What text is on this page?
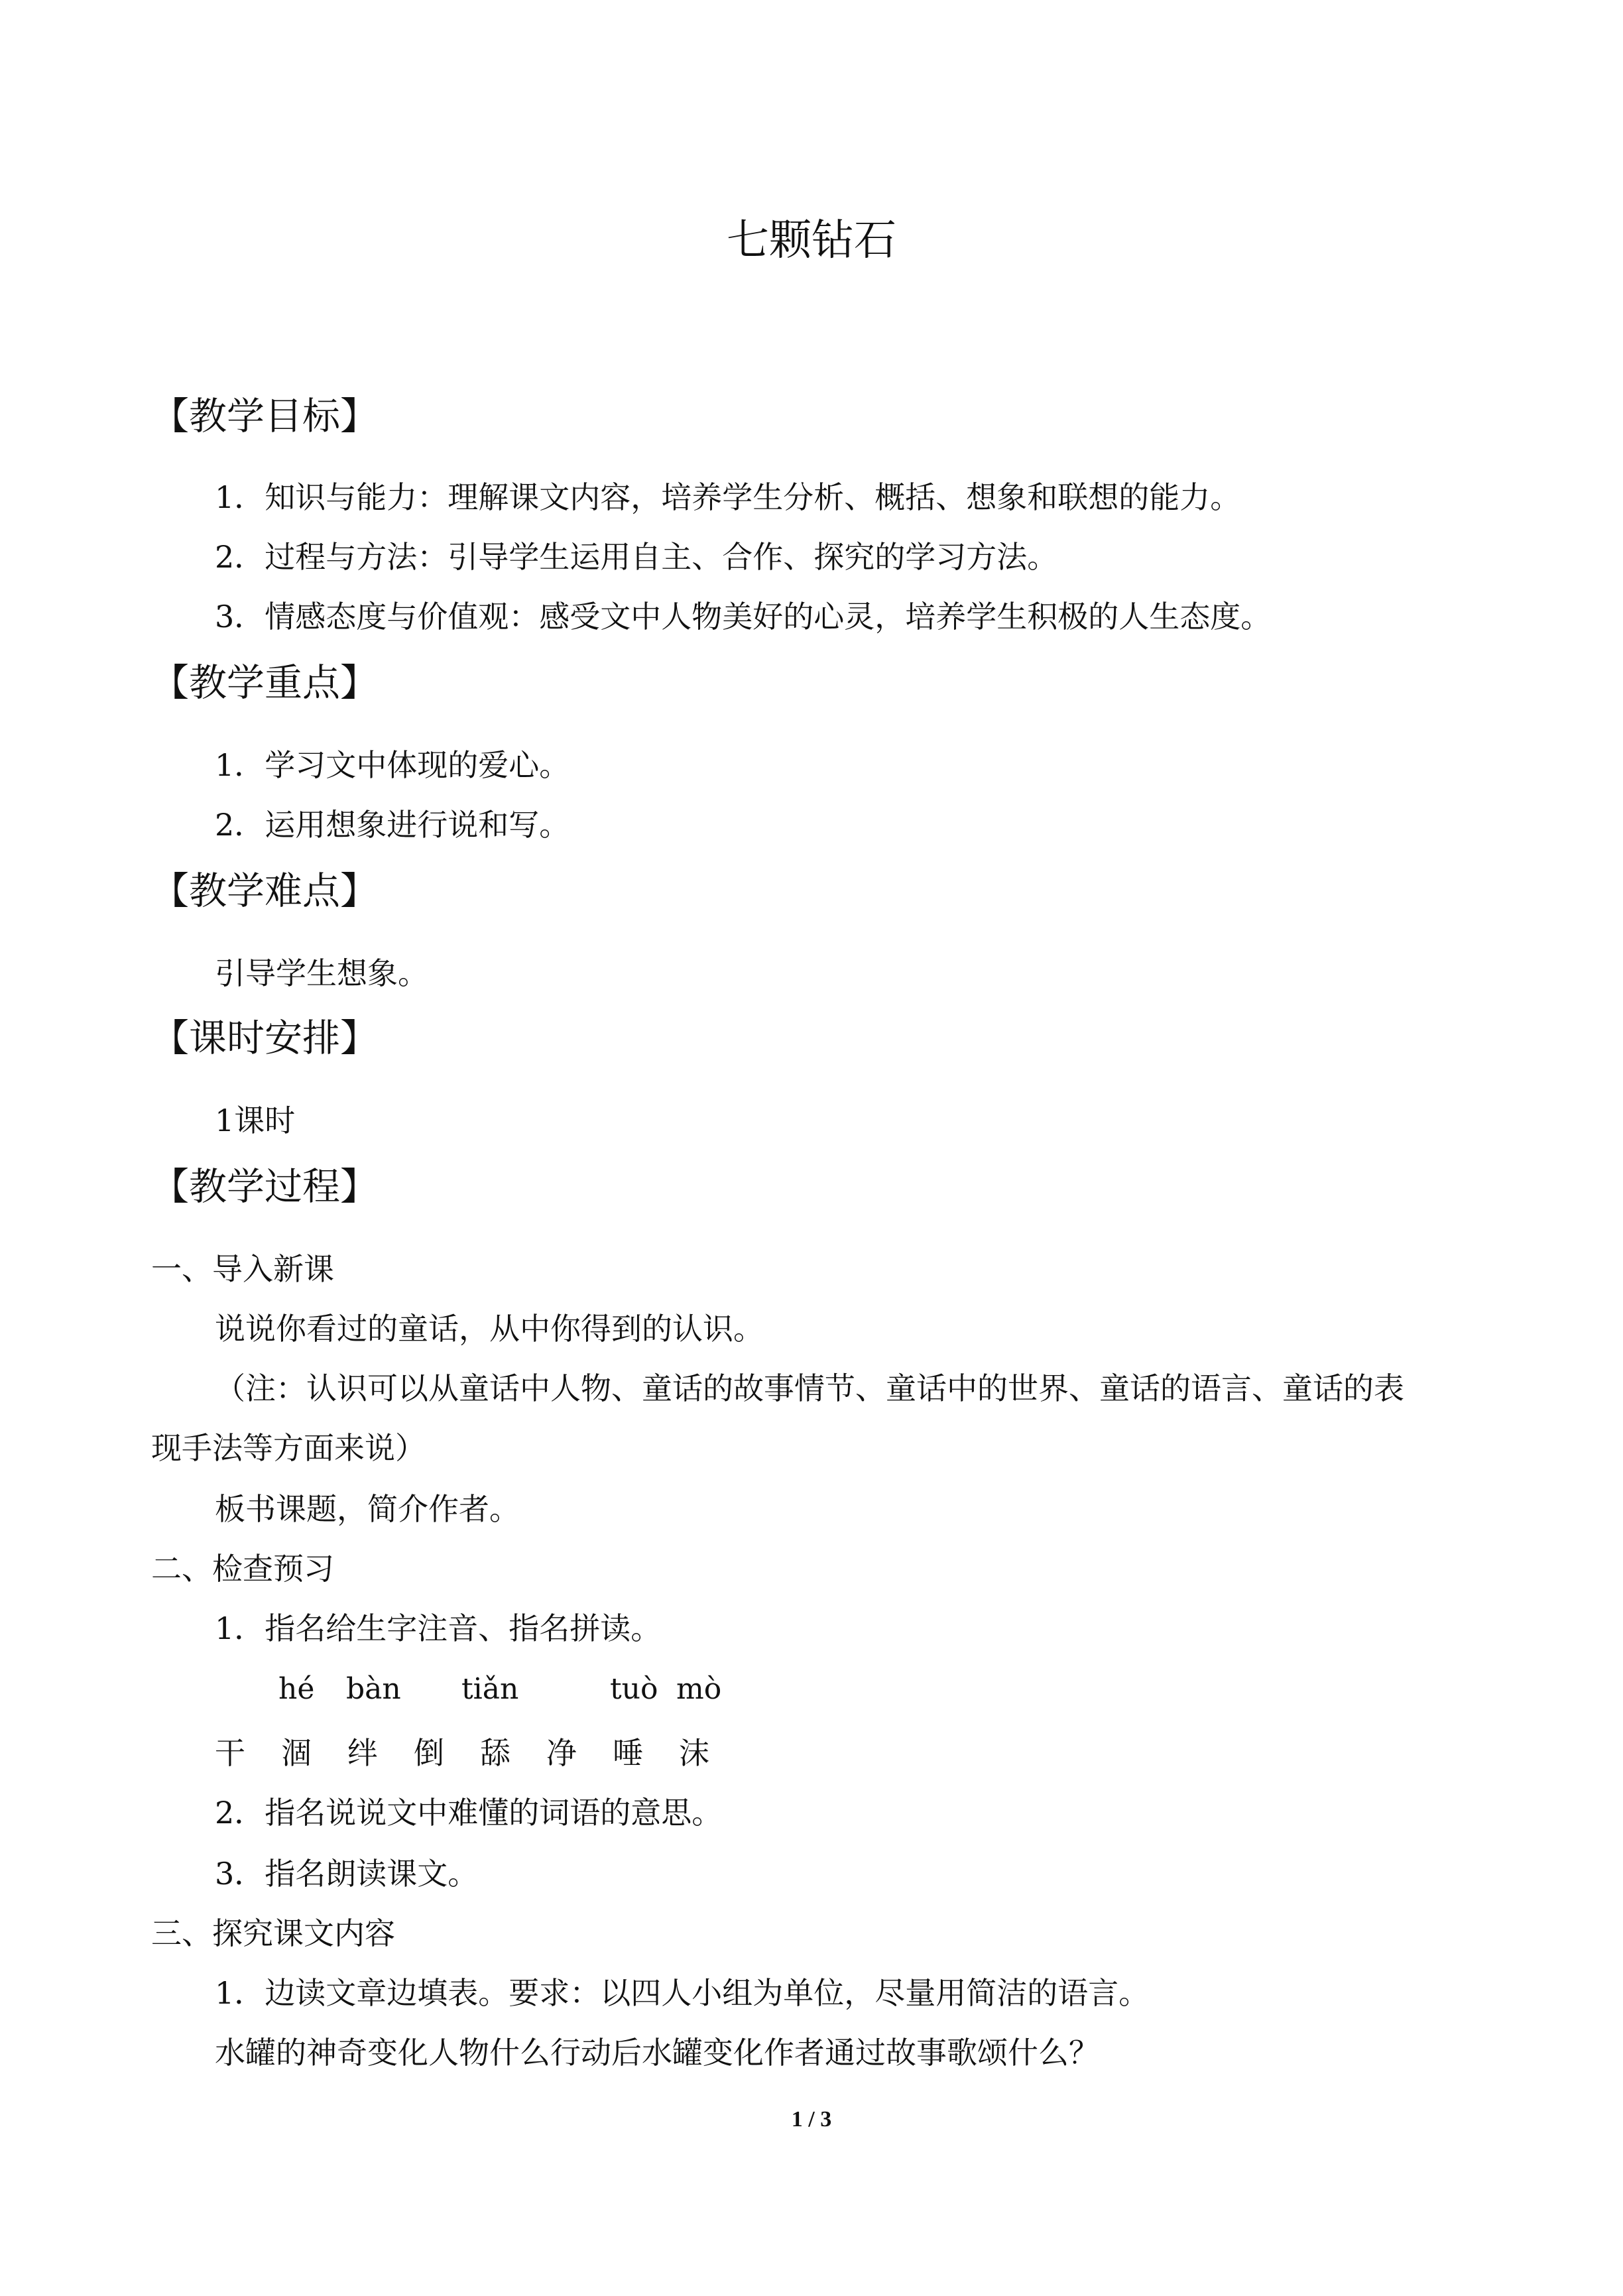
七颗钻石
【教学目标】
1．知识与能力：理解课文内容，培养学生分析、概括、想象和联想的能力。
2．过程与方法：引导学生运用自主、合作、探究的学习方法。
3．情感态度与价值观：感受文中人物美好的心灵，培养学生积极的人生态度。
【教学重点】
1．学习文中体现的爱心。
2．运用想象进行说和写。
【教学难点】
引导学生想象。
【课时安排】
1课时
【教学过程】
一、导入新课
说说你看过的童话，从中你得到的认识。
（注：认识可以从童话中人物、童话的故事情节、童话中的世界、童话的语言、童话的表
现手法等方面来说）
板书课题，简介作者。
二、检查预习
1．指名给生字注音、指名拼读。
hé bàn tiǎn	tuò mò
干 涸 绊 倒 舔 净 唾 沫
2．指名说说文中难懂的词语的意思。
3．指名朗读课文。
三、探究课文内容
1．边读文章边填表。要求：以四人小组为单位，尽量用简洁的语言。
水罐的神奇变化人物什么行动后水罐变化作者通过故事歌颂什么？
1 / 3
